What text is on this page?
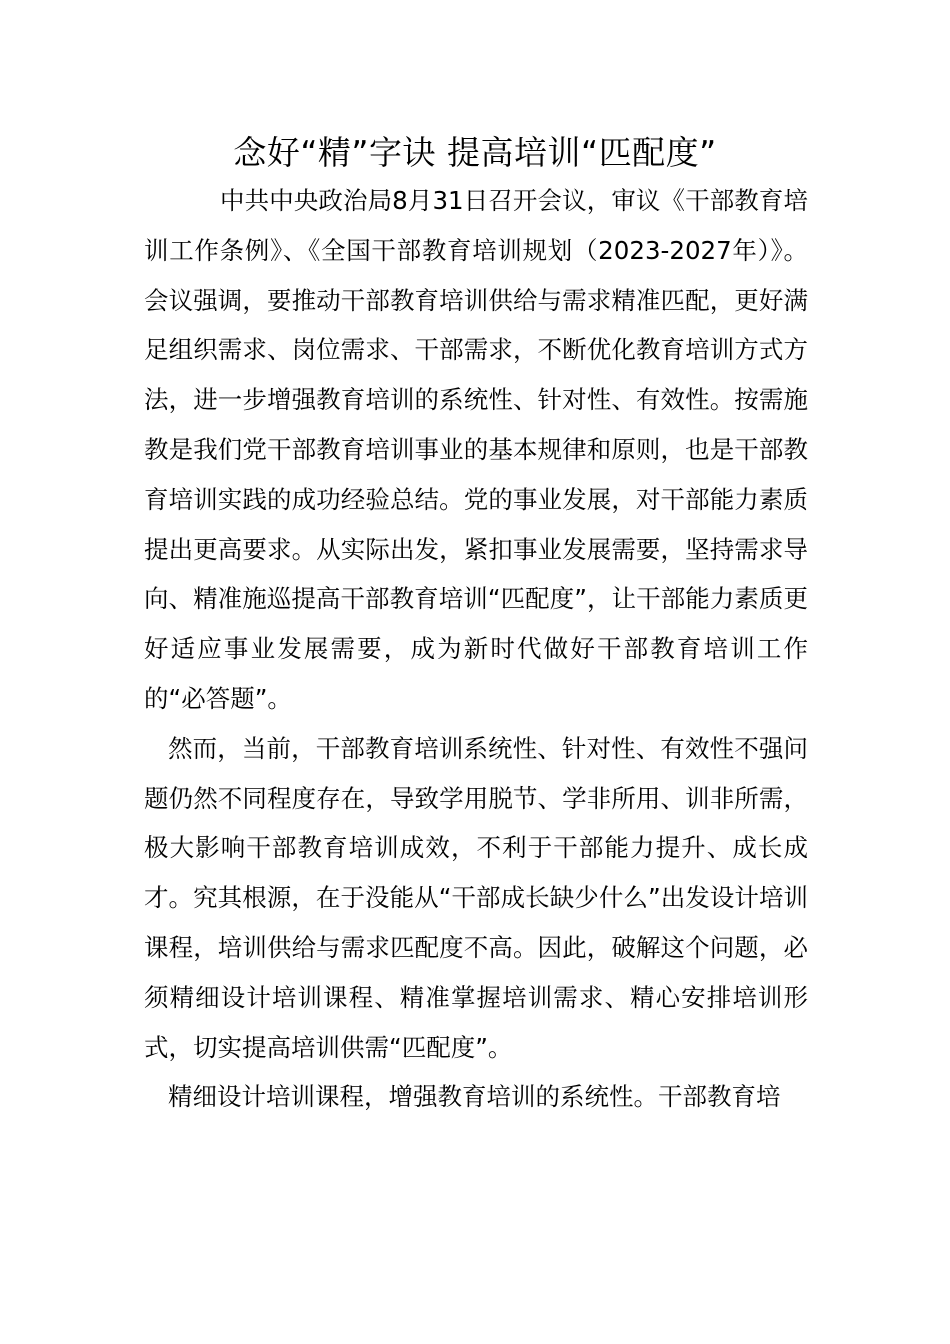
念好“精”字诀 提高培训“匹配度”

中共中央政治局8月31日召开会议，审议《干部教育培训工作条例》、《全国干部教育培训规划（2023-2027年）》。会议强调，要推动干部教育培训供给与需求精准匹配，更好满足组织需求、岗位需求、干部需求，不断优化教育培训方式方法，进一步增强教育培训的系统性、针对性、有效性。按需施教是我们党干部教育培训事业的基本规律和原则，也是干部教育培训实践的成功经验总结。党的事业发展，对干部能力素质提出更高要求。从实际出发，紧扣事业发展需要，坚持需求导向、精准施巡提高干部教育培训“匹配度”，让干部能力素质更好适应事业发展需要，成为新时代做好干部教育培训工作的“必答题”。

然而，当前，干部教育培训系统性、针对性、有效性不强问题仍然不同程度存在，导致学用脱节、学非所用、训非所需，极大影响干部教育培训成效，不利于干部能力提升、成长成才。究其根源，在于没能从“干部成长缺少什么”出发设计培训课程，培训供给与需求匹配度不高。因此，破解这个问题，必须精细设计培训课程、精准掌握培训需求、精心安排培训形式，切实提高培训供需“匹配度”。

精细设计培训课程，增强教育培训的系统性。干部教育培
